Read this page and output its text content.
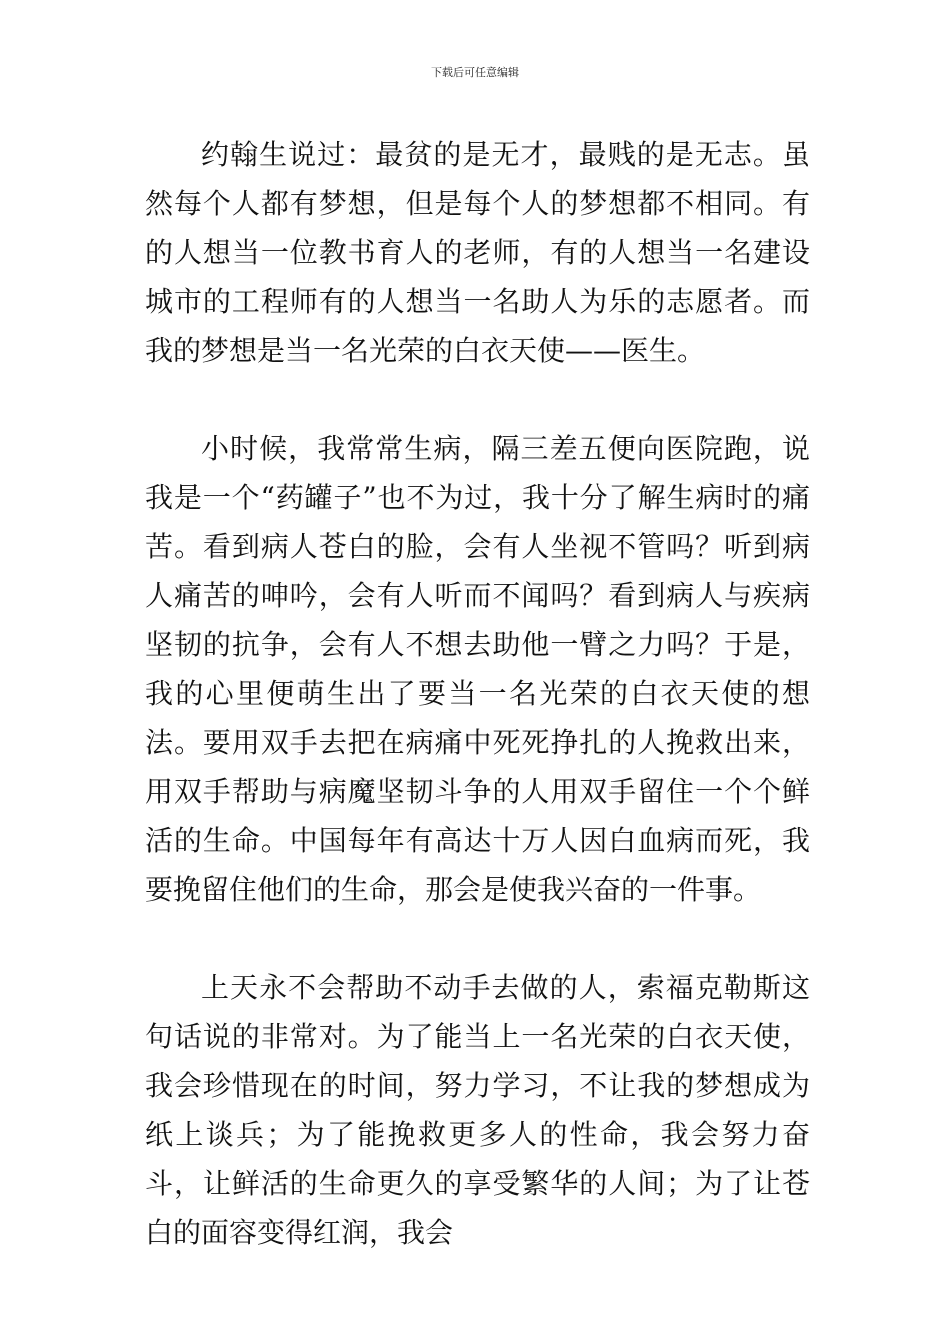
下载后可任意编辑

约翰生说过：最贫的是无才，最贱的是无志。虽然每个人都有梦想，但是每个人的梦想都不相同。有的人想当一位教书育人的老师，有的人想当一名建设城市的工程师有的人想当一名助人为乐的志愿者。而我的梦想是当一名光荣的白衣天使——医生。

小时候，我常常生病，隔三差五便向医院跑，说我是一个“药罐子”也不为过，我十分了解生病时的痛苦。看到病人苍白的脸，会有人坐视不管吗？听到病人痛苦的呻吟，会有人听而不闻吗？看到病人与疾病坚韧的抗争，会有人不想去助他一臂之力吗？于是，我的心里便萌生出了要当一名光荣的白衣天使的想法。要用双手去把在病痛中死死挣扎的人挽救出来，用双手帮助与病魔坚韧斗争的人用双手留住一个个鲜活的生命。中国每年有高达十万人因白血病而死，我要挽留住他们的生命，那会是使我兴奋的一件事。

上天永不会帮助不动手去做的人，索福克勒斯这句话说的非常对。为了能当上一名光荣的白衣天使，我会珍惜现在的时间，努力学习，不让我的梦想成为纸上谈兵；为了能挽救更多人的性命，我会努力奋斗，让鲜活的生命更久的享受繁华的人间；为了让苍白的面容变得红润，我会
